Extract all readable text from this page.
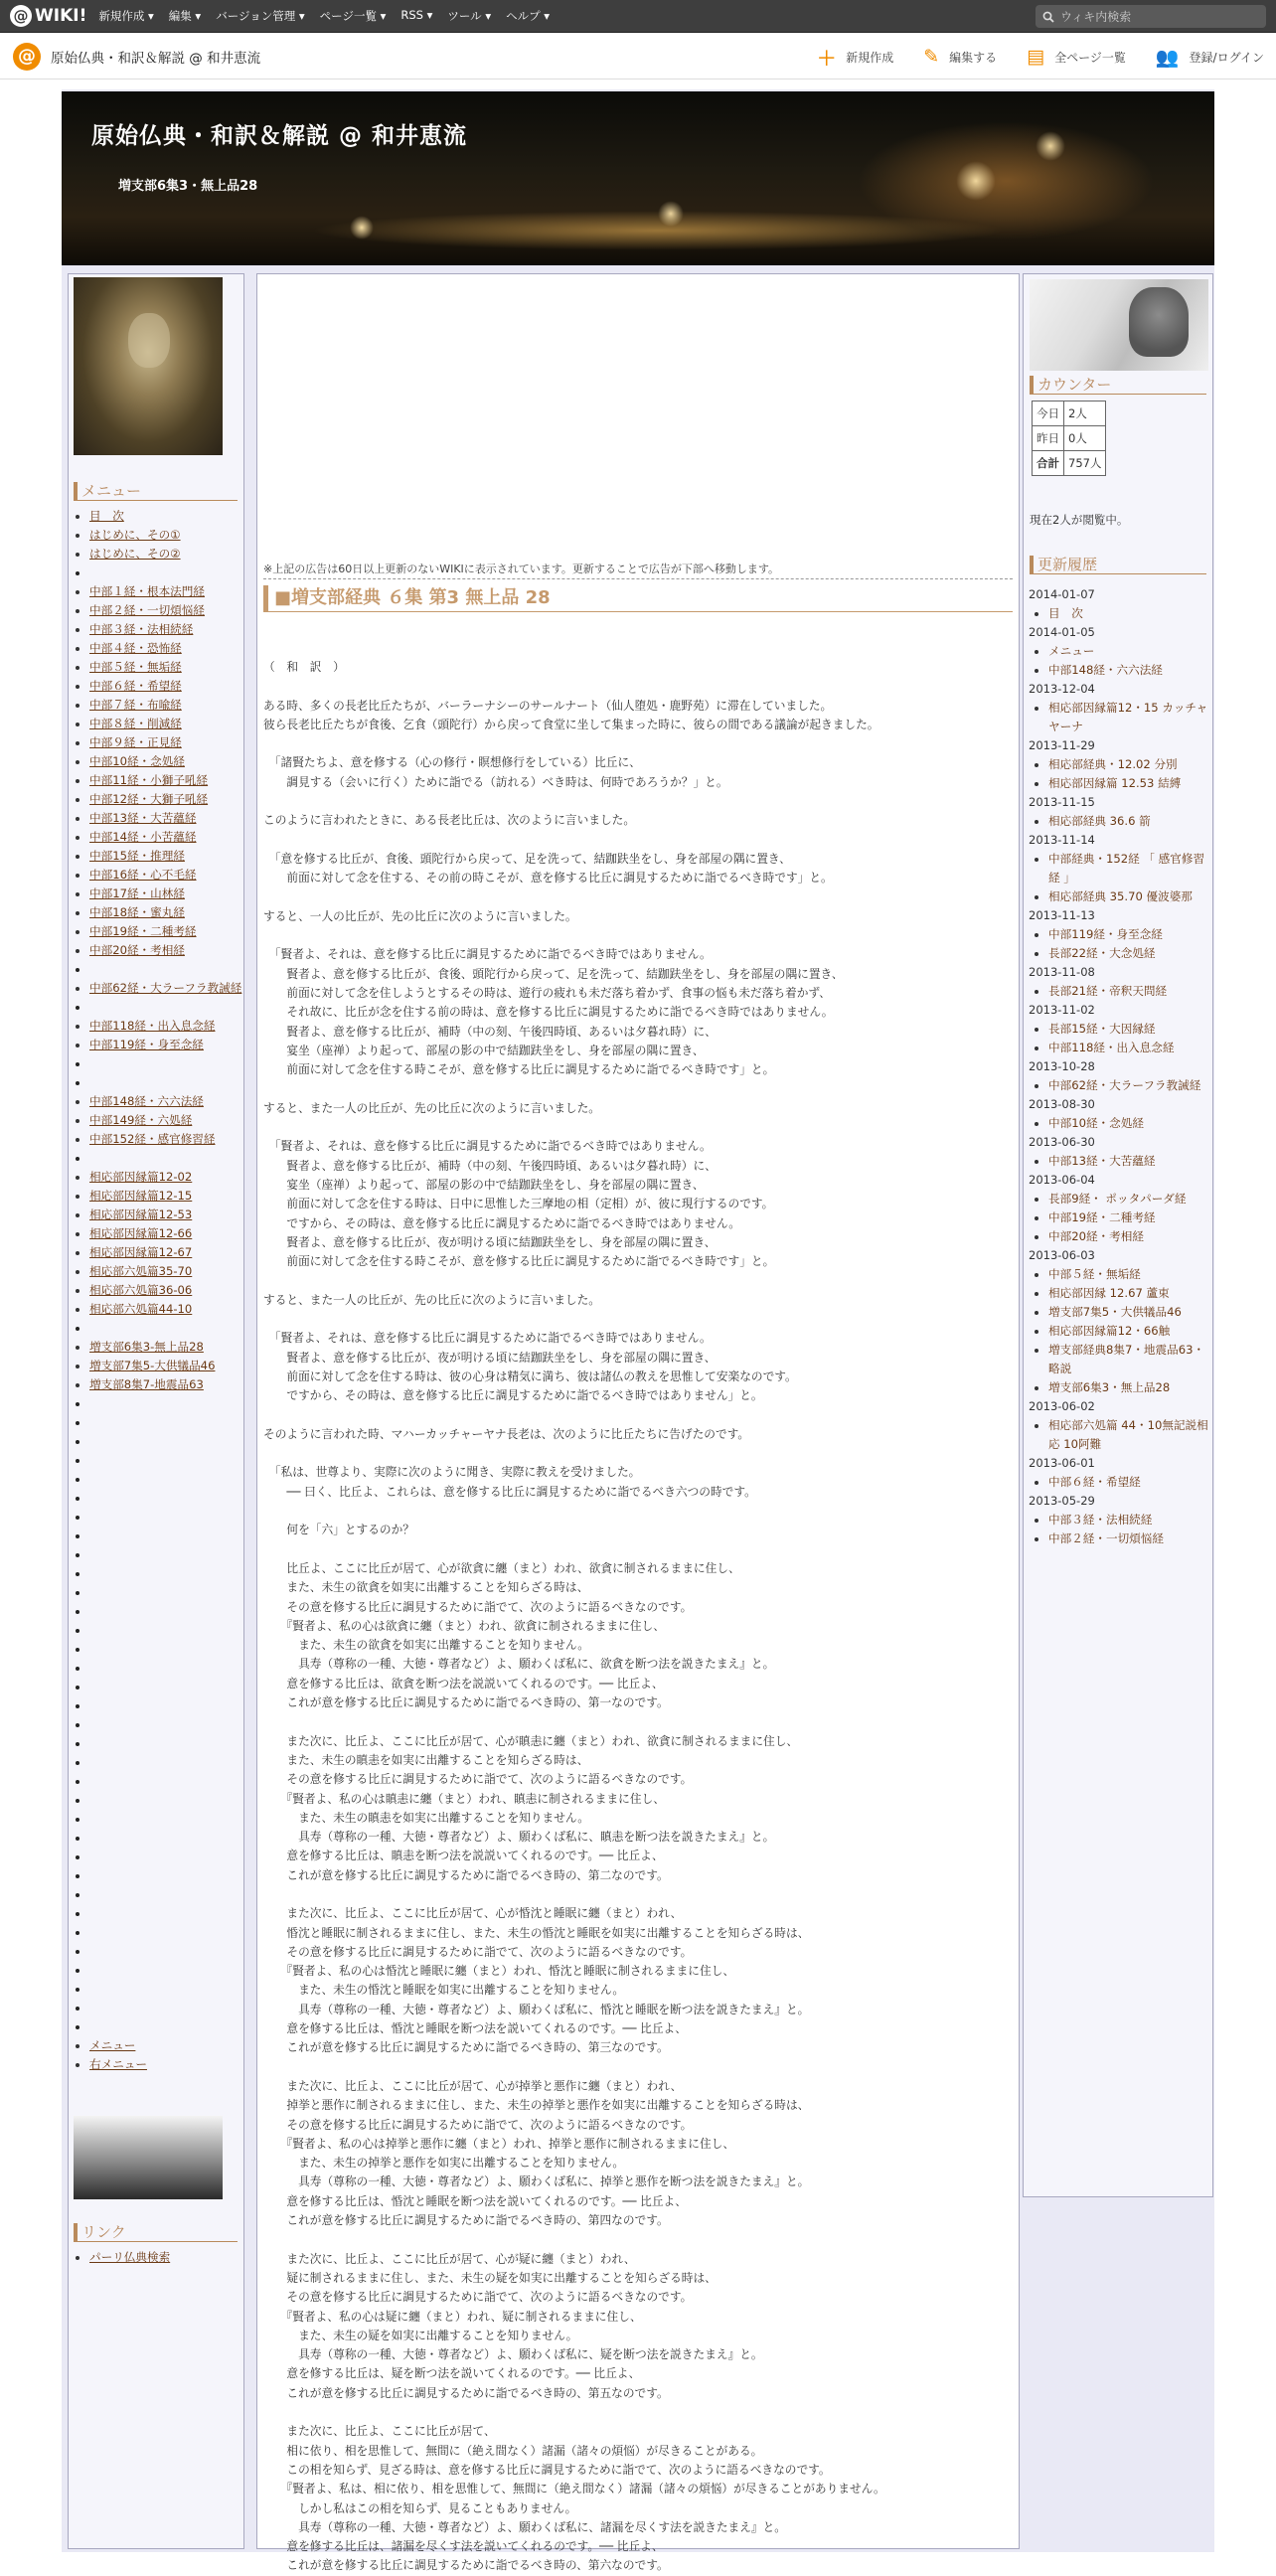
@ WIKI! 新規作成 ▾ 編集 ▾ バージョン管理 ▾ ページ一覧 ▾ RSS ▾ ツール ▾ ヘルプ ▾
ウィキ内検索
@	原始仏典・和訳＆解説 @ 和井恵流	＋ 新規作成 ✎ 編集する ▤ 全ページ一覧 👥 登録/ログイン
原始仏典・和訳＆解説 @ 和井恵流
増支部6集3・無上品28
メニュー
• 目　次
• はじめに、その①
• はじめに、その②
•
• 中部１経・根本法門経
• 中部２経・一切煩悩経
• 中部３経・法相続経
• 中部４経・恐怖経
• 中部５経・無垢経
• 中部６経・希望経
• 中部７経・布喩経
• 中部８経・削減経
• 中部９経・正見経
• 中部10経・念処経
• 中部11経・小獅子吼経
• 中部12経・大獅子吼経
• 中部13経・大苦蘊経
• 中部14経・小苦蘊経
• 中部15経・推理経
• 中部16経・心不毛経
• 中部17経・山林経
• 中部18経・蜜丸経
• 中部19経・二種考経
• 中部20経・考相経
•
• 中部62経・大ラーフラ教誡経
•
• 中部118経・出入息念経
• 中部119経・身至念経
•
•
• 中部148経・六六法経
• 中部149経・六処経
• 中部152経・感官修習経
•
• 相応部因縁篇12-02
• 相応部因縁篇12-15
• 相応部因縁篇12-53
• 相応部因縁篇12-66
• 相応部因縁篇12-67
• 相応部六処篇35-70
• 相応部六処篇36-06
• 相応部六処篇44-10
•
• 増支部6集3-無上品28
• 増支部7集5-大供犠品46
• 増支部8集7-地震品63
•
•
•
•
•
•
•
•
•
•
•
•
•
•
•
•
•
•
•
•
•
•
•
•
•
•
•
•
•
•
•
•
•
•
• メニュー
• 右メニュー
リンク
• パーリ仏典検索
※上記の広告は60日以上更新のないWIKIに表示されています。更新することで広告が下部へ移動します。
■増支部経典 ６集 第3 無上品 28
（　和　訳　）

ある時、多くの長老比丘たちが、バーラーナシーのサールナート（仙人堕処・鹿野苑）に滞在していました。
彼ら長老比丘たちが食後、乞食（頭陀行）から戻って食堂に坐して集まった時に、彼らの間である議論が起きました。

　「諸賢たちよ、意を修する（心の修行・瞑想修行をしている）比丘に、
　　調見する（会いに行く）ために詣でる（訪れる）べき時は、何時であろうか？」と。

このように言われたときに、ある長老比丘は、次のように言いました。

　「意を修する比丘が、食後、頭陀行から戻って、足を洗って、結跏趺坐をし、身を部屋の隅に置き、
　　前面に対して念を住する、その前の時こそが、意を修する比丘に調見するために詣でるべき時です」と。

すると、一人の比丘が、先の比丘に次のように言いました。

　「賢者よ、それは、意を修する比丘に調見するために詣でるべき時ではありません。
　　賢者よ、意を修する比丘が、食後、頭陀行から戻って、足を洗って、結跏趺坐をし、身を部屋の隅に置き、
　　前面に対して念を住しようとするその時は、遊行の疲れも未だ落ち着かず、食事の悩も未だ落ち着かず、
　　それ故に、比丘が念を住する前の時は、意を修する比丘に調見するために詣でるべき時ではありません。
　　賢者よ、意を修する比丘が、補時（中の刻、午後四時頃、あるいは夕暮れ時）に、
　　宴坐（座禅）より起って、部屋の影の中で結跏趺坐をし、身を部屋の隅に置き、
　　前面に対して念を住する時こそが、意を修する比丘に調見するために詣でるべき時です」と。

すると、また一人の比丘が、先の比丘に次のように言いました。

　「賢者よ、それは、意を修する比丘に調見するために詣でるべき時ではありません。
　　賢者よ、意を修する比丘が、補時（中の刻、午後四時頃、あるいは夕暮れ時）に、
　　宴坐（座禅）より起って、部屋の影の中で結跏趺坐をし、身を部屋の隅に置き、
　　前面に対して念を住する時は、日中に思惟した三摩地の相（定相）が、彼に現行するのです。
　　ですから、その時は、意を修する比丘に調見するために詣でるべき時ではありません。
　　賢者よ、意を修する比丘が、夜が明ける頃に結跏趺坐をし、身を部屋の隅に置き、
　　前面に対して念を住する時こそが、意を修する比丘に調見するために詣でるべき時です」と。

すると、また一人の比丘が、先の比丘に次のように言いました。

　「賢者よ、それは、意を修する比丘に調見するために詣でるべき時ではありません。
　　賢者よ、意を修する比丘が、夜が明ける頃に結跏趺坐をし、身を部屋の隅に置き、
　　前面に対して念を住する時は、彼の心身は精気に満ち、彼は諸仏の教えを思惟して安楽なのです。
　　ですから、その時は、意を修する比丘に調見するために詣でるべき時ではありません」と。

そのように言われた時、マハーカッチャーヤナ長老は、次のように比丘たちに告げたのです。

　「私は、世尊より、実際に次のように聞き、実際に教えを受けました。
　　── 曰く、比丘よ、これらは、意を修する比丘に調見するために詣でるべき六つの時です。

　　何を「六」とするのか？

　　比丘よ、ここに比丘が居て、心が欲貪に纏（まと）われ、欲貪に制されるままに住し、
　　また、未生の欲貪を如実に出離することを知らざる時は、
　　その意を修する比丘に調見するために詣でて、次のように語るべきなのです。
　　『賢者よ、私の心は欲貪に纏（まと）われ、欲貪に制されるままに住し、
　　　また、未生の欲貪を如実に出離することを知りません。
　　　具寿（尊称の一種、大徳・尊者など）よ、願わくば私に、欲貪を断つ法を説きたまえ』と。
　　意を修する比丘は、欲貪を断つ法を説説いてくれるのです。── 比丘よ、
　　これが意を修する比丘に調見するために詣でるべき時の、第一なのです。

　　また次に、比丘よ、ここに比丘が居て、心が瞋恚に纏（まと）われ、欲貪に制されるままに住し、
　　また、未生の瞋恚を如実に出離することを知らざる時は、
　　その意を修する比丘に調見するために詣でて、次のように語るべきなのです。
　　『賢者よ、私の心は瞋恚に纏（まと）われ、瞋恚に制されるままに住し、
　　　また、未生の瞋恚を如実に出離することを知りません。
　　　具寿（尊称の一種、大徳・尊者など）よ、願わくば私に、瞋恚を断つ法を説きたまえ』と。
　　意を修する比丘は、瞋恚を断つ法を説説いてくれるのです。── 比丘よ、
　　これが意を修する比丘に調見するために詣でるべき時の、第二なのです。

　　また次に、比丘よ、ここに比丘が居て、心が惛沈と睡眠に纏（まと）われ、
　　惛沈と睡眠に制されるままに住し、また、未生の惛沈と睡眠を如実に出離することを知らざる時は、
　　その意を修する比丘に調見するために詣でて、次のように語るべきなのです。
　　『賢者よ、私の心は惛沈と睡眠に纏（まと）われ、惛沈と睡眠に制されるままに住し、
　　　また、未生の惛沈と睡眠を如実に出離することを知りません。
　　　具寿（尊称の一種、大徳・尊者など）よ、願わくば私に、惛沈と睡眠を断つ法を説きたまえ』と。
　　意を修する比丘は、惛沈と睡眠を断つ法を説いてくれるのです。── 比丘よ、
　　これが意を修する比丘に調見するために詣でるべき時の、第三なのです。

　　また次に、比丘よ、ここに比丘が居て、心が掉挙と悪作に纏（まと）われ、
　　掉挙と悪作に制されるままに住し、また、未生の掉挙と悪作を如実に出離することを知らざる時は、
　　その意を修する比丘に調見するために詣でて、次のように語るべきなのです。
　　『賢者よ、私の心は掉挙と悪作に纏（まと）われ、掉挙と悪作に制されるままに住し、
　　　また、未生の掉挙と悪作を如実に出離することを知りません。
　　　具寿（尊称の一種、大徳・尊者など）よ、願わくば私に、掉挙と悪作を断つ法を説きたまえ』と。
　　意を修する比丘は、惛沈と睡眠を断つ法を説いてくれるのです。── 比丘よ、
　　これが意を修する比丘に調見するために詣でるべき時の、第四なのです。

　　また次に、比丘よ、ここに比丘が居て、心が疑に纏（まと）われ、
　　疑に制されるままに住し、また、未生の疑を如実に出離することを知らざる時は、
　　その意を修する比丘に調見するために詣でて、次のように語るべきなのです。
　　『賢者よ、私の心は疑に纏（まと）われ、疑に制されるままに住し、
　　　また、未生の疑を如実に出離することを知りません。
　　　具寿（尊称の一種、大徳・尊者など）よ、願わくば私に、疑を断つ法を説きたまえ』と。
　　意を修する比丘は、疑を断つ法を説いてくれるのです。── 比丘よ、
　　これが意を修する比丘に調見するために詣でるべき時の、第五なのです。

　　また次に、比丘よ、ここに比丘が居て、
　　相に依り、相を思惟して、無間に（絶え間なく）諸漏（諸々の煩悩）が尽きることがある。
　　この相を知らず、見ざる時は、意を修する比丘に調見するために詣でて、次のように語るべきなのです。
　　『賢者よ、私は、相に依り、相を思惟して、無間に（絶え間なく）諸漏（諸々の煩悩）が尽きることがありません。
　　　しかし私はこの相を知らず、見ることもありません。
　　　具寿（尊称の一種、大徳・尊者など）よ、願わくば私に、諸漏を尽くす法を説きたまえ』と。
　　意を修する比丘は、諸漏を尽くす法を説いてくれるのです。── 比丘よ、
　　これが意を修する比丘に調見するために詣でるべき時の、第六なのです。
カウンター
今日	2人
昨日	0人
合計	757人
現在2人が閲覧中。
更新履歴
2014-01-07
• 目　次
2014-01-05
• メニュー
• 中部148経・六六法経
2013-12-04
• 相応部因縁篇12・15 カッチャヤーナ
2013-11-29
• 相応部経典・12.02 分別
• 相応部因縁篇 12.53 結縛
2013-11-15
• 相応部経典 36.6 箭
2013-11-14
• 中部経典・152経 「 感官修習経 」
• 相応部経典 35.70 優波婆那
2013-11-13
• 中部119経・身至念経
• 長部22経・大念処経
2013-11-08
• 長部21経・帝釈天問経
2013-11-02
• 長部15経・大因縁経
• 中部118経・出入息念経
2013-10-28
• 中部62経・大ラーフラ教誡経
2013-08-30
• 中部10経・念処経
2013-06-30
• 中部13経・大苦蘊経
2013-06-04
• 長部9経・ ポッタパーダ経
• 中部19経・二種考経
• 中部20経・考相経
2013-06-03
• 中部５経・無垢経
• 相応部因縁 12.67 蘆束
• 増支部7集5・大供犠品46
• 相応部因縁篇12・66触
• 増支部経典8集7・地震品63・略説
• 増支部6集3・無上品28
2013-06-02
• 相応部六処篇 44・10無記説相応 10阿難
2013-06-01
• 中部６経・希望経
2013-05-29
• 中部３経・法相続経
• 中部２経・一切煩悩経
